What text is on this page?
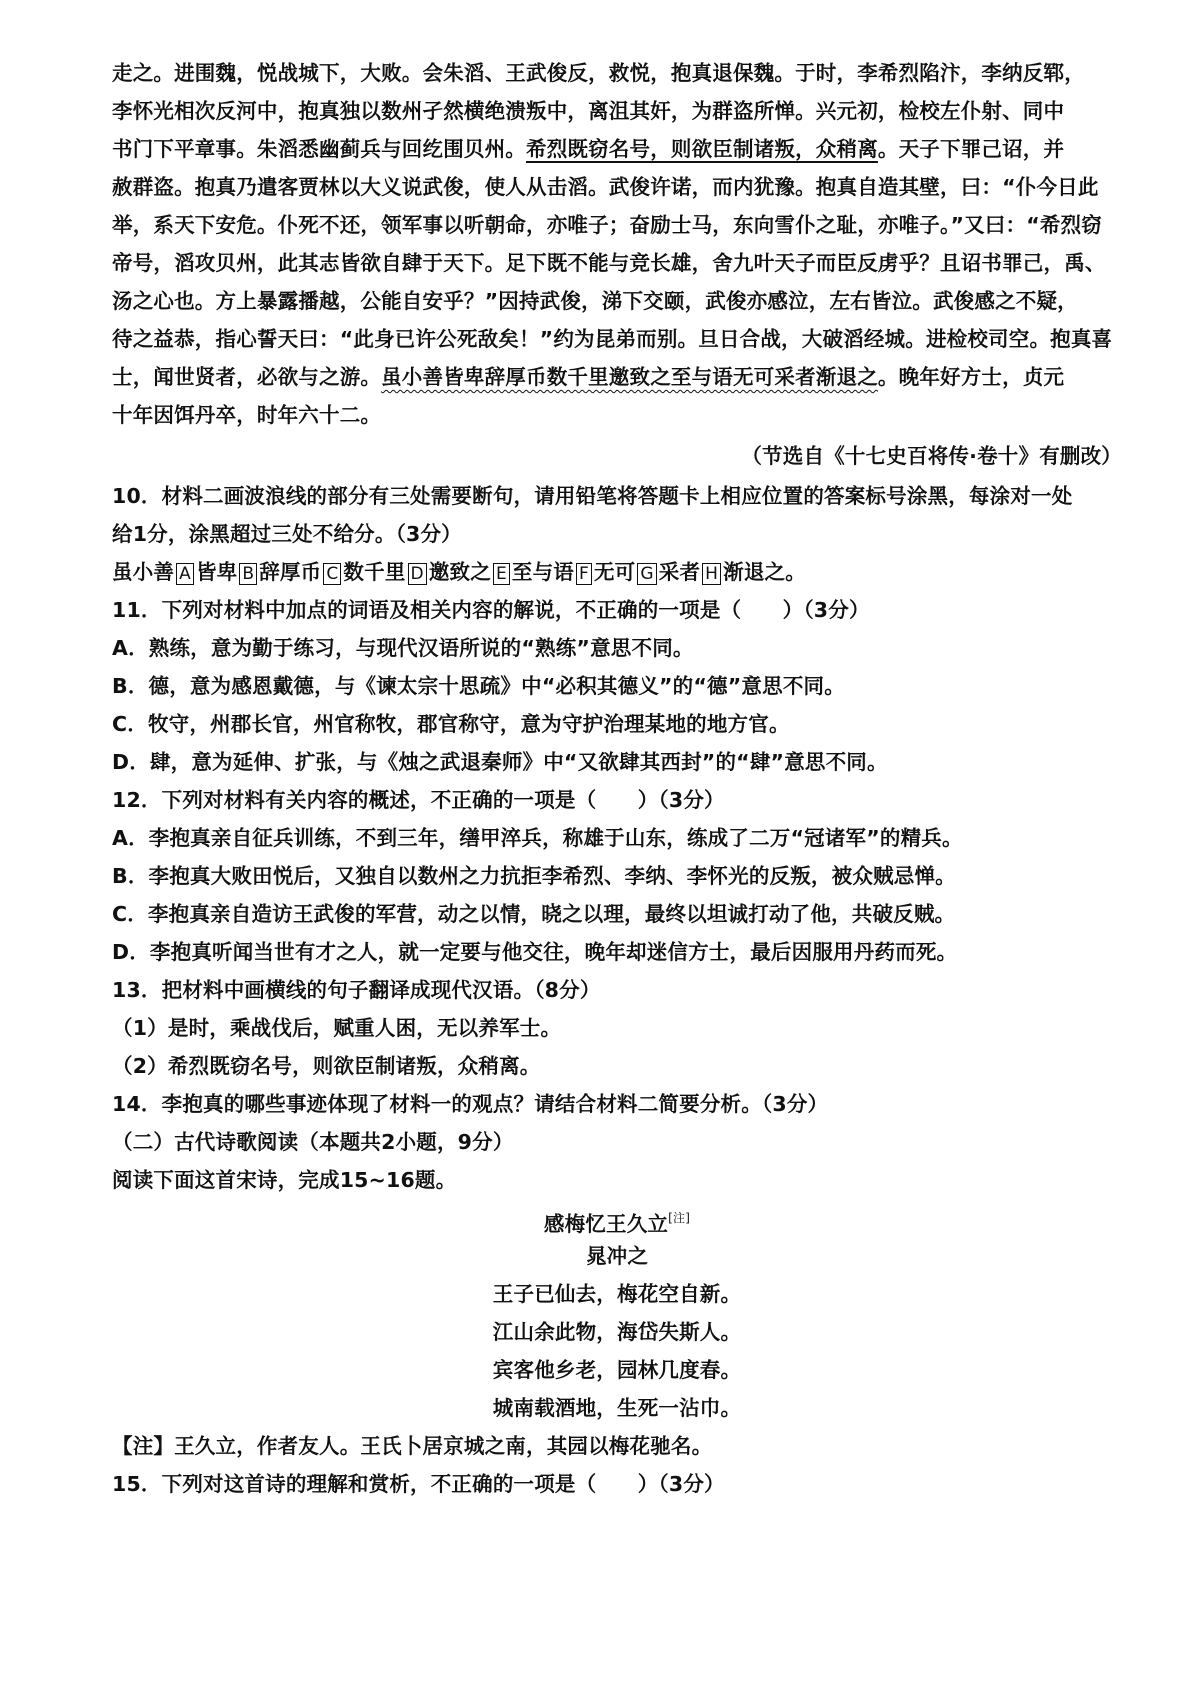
走之。进围魏，悦战城下，大败。会朱滔、王武俊反，救悦，抱真退保魏。于时，李希烈陷汴，李纳反郓，
李怀光相次反河中，抱真独以数州孑然横绝溃叛中，离沮其奸，为群盗所惮。兴元初，检校左仆射、同中
书门下平章事。朱滔悉幽蓟兵与回纥围贝州。希烈既窃名号，则欲臣制诸叛，众稍离。天子下罪己诏，并
赦群盗。抱真乃遣客贾林以大义说武俊，使人从击滔。武俊许诺，而内犹豫。抱真自造其壁，曰：“仆今日此
举，系天下安危。仆死不还，领军事以听朝命，亦唯子；奋励士马，东向雪仆之耻，亦唯子。”又曰：“希烈窃
帝号，滔攻贝州，此其志皆欲自肆于天下。足下既不能与竞长雄，舍九叶天子而臣反虏乎？且诏书罪己，禹、
汤之心也。方上暴露播越，公能自安乎？”因持武俊，涕下交颐，武俊亦感泣，左右皆泣。武俊感之不疑，
待之益恭，指心誓天曰：“此身已许公死敌矣！”约为昆弟而别。旦日合战，大破滔经城。进检校司空。抱真喜
士，闻世贤者，必欲与之游。虽小善皆卑辞厚币数千里邀致之至与语无可采者渐退之。晚年好方士，贞元
十年因饵丹卒，时年六十二。
（节选自《十七史百将传·卷十》有删改）
10．材料二画波浪线的部分有三处需要断句，请用铅笔将答题卡上相应位置的答案标号涂黑，每涂对一处
给1分，涂黑超过三处不给分。（3分）
虽小善 A 皆卑 B 辞厚币 C 数千里 D 邀致之 E 至与语 F 无可 G 采者 H 渐退之。
11．下列对材料中加点的词语及相关内容的解说，不正确的一项是（　　）（3分）
A．熟练，意为勤于练习，与现代汉语所说的“熟练”意思不同。
B．德，意为感恩戴德，与《谏太宗十思疏》中“必积其德义”的“德”意思不同。
C．牧守，州郡长官，州官称牧，郡官称守，意为守护治理某地的地方官。
D．肆，意为延伸、扩张，与《烛之武退秦师》中“又欲肆其西封”的“肆”意思不同。
12．下列对材料有关内容的概述，不正确的一项是（　　）（3分）
A．李抱真亲自征兵训练，不到三年，缮甲淬兵，称雄于山东，练成了二万“冠诸军”的精兵。
B．李抱真大败田悦后，又独自以数州之力抗拒李希烈、李纳、李怀光的反叛，被众贼忌惮。
C．李抱真亲自造访王武俊的军营，动之以情，晓之以理，最终以坦诚打动了他，共破反贼。
D．李抱真听闻当世有才之人，就一定要与他交往，晚年却迷信方士，最后因服用丹药而死。
13．把材料中画横线的句子翻译成现代汉语。（8分）
（1）是时，乘战伐后，赋重人困，无以养军士。
（2）希烈既窃名号，则欲臣制诸叛，众稍离。
14．李抱真的哪些事迹体现了材料一的观点？请结合材料二简要分析。（3分）
（二）古代诗歌阅读（本题共2小题，9分）
阅读下面这首宋诗，完成15~16题。
感梅忆王久立[注]
晁冲之
王子已仙去，梅花空自新。
江山余此物，海岱失斯人。
宾客他乡老，园林几度春。
城南载酒地，生死一沾巾。
【注】王久立，作者友人。王氏卜居京城之南，其园以梅花驰名。
15．下列对这首诗的理解和赏析，不正确的一项是（　　）（3分）
